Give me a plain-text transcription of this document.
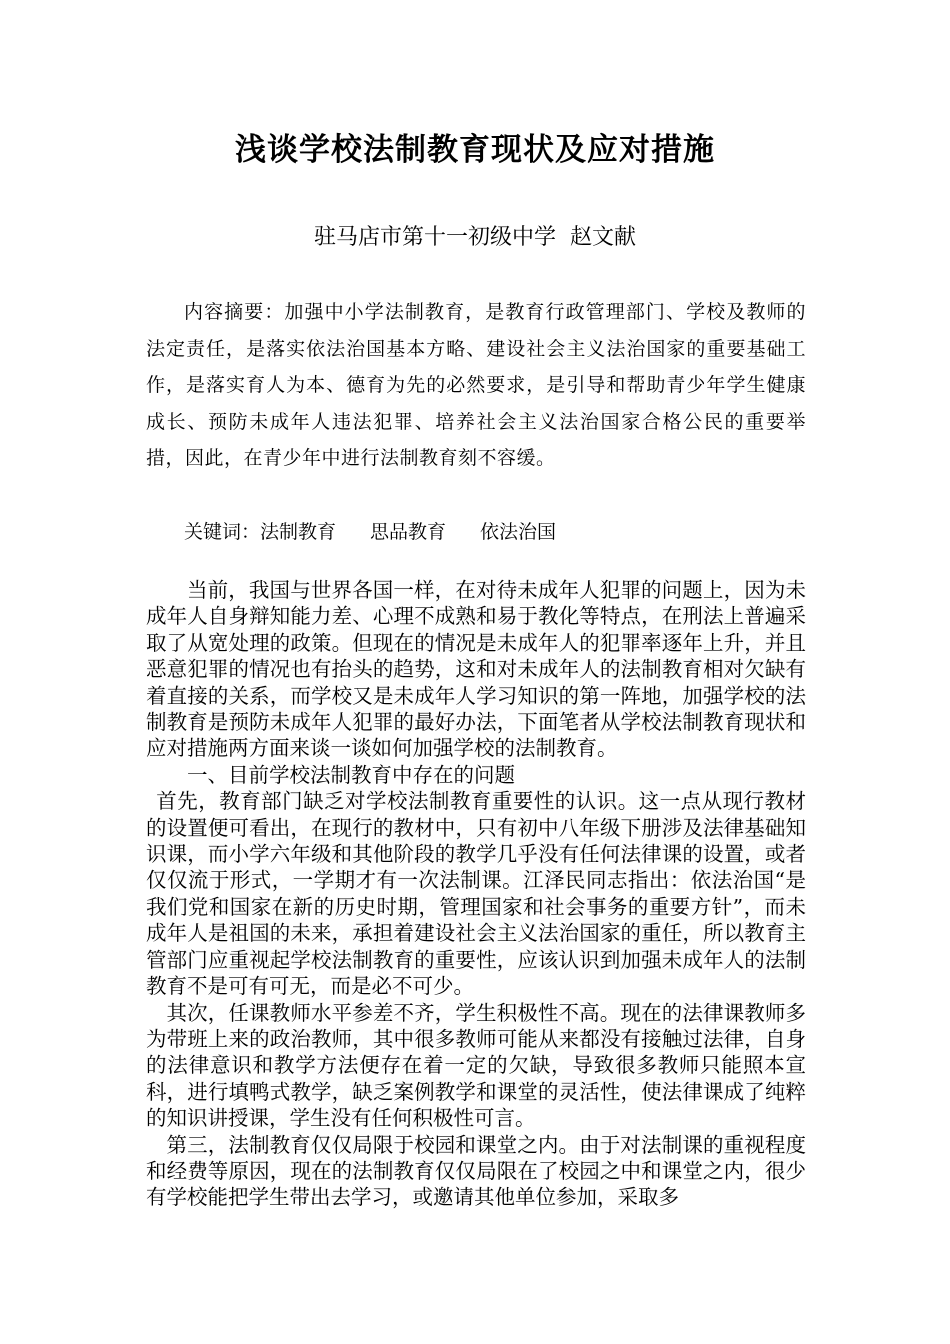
浅谈学校法制教育现状及应对措施
驻马店市第十一初级中学  赵文献

内容摘要：加强中小学法制教育，是教育行政管理部门、学校及教师的法定责任，是落实依法治国基本方略、建设社会主义法治国家的重要基础工作，是落实育人为本、德育为先的必然要求，是引导和帮助青少年学生健康成长、预防未成年人违法犯罪、培养社会主义法治国家合格公民的重要举措，因此，在青少年中进行法制教育刻不容缓。

关键词：法制教育 思品教育 依法治国

当前，我国与世界各国一样，在对待未成年人犯罪的问题上，因为未成年人自身辩知能力差、心理不成熟和易于教化等特点，在刑法上普遍采取了从宽处理的政策。但现在的情况是未成年人的犯罪率逐年上升，并且恶意犯罪的情况也有抬头的趋势，这和对未成年人的法制教育相对欠缺有着直接的关系，而学校又是未成年人学习知识的第一阵地，加强学校的法制教育是预防未成年人犯罪的最好办法，下面笔者从学校法制教育现状和应对措施两方面来谈一谈如何加强学校的法制教育。

一、目前学校法制教育中存在的问题

首先，教育部门缺乏对学校法制教育重要性的认识。这一点从现行教材的设置便可看出，在现行的教材中，只有初中八年级下册涉及法律基础知识课，而小学六年级和其他阶段的教学几乎没有任何法律课的设置，或者仅仅流于形式，一学期才有一次法制课。江泽民同志指出：依法治国“是我们党和国家在新的历史时期，管理国家和社会事务的重要方针”，而未成年人是祖国的未来，承担着建设社会主义法治国家的重任，所以教育主管部门应重视起学校法制教育的重要性，应该认识到加强未成年人的法制教育不是可有可无，而是必不可少。

其次，任课教师水平参差不齐，学生积极性不高。现在的法律课教师多为带班上来的政治教师，其中很多教师可能从来都没有接触过法律，自身的法律意识和教学方法便存在着一定的欠缺，导致很多教师只能照本宣科，进行填鸭式教学，缺乏案例教学和课堂的灵活性，使法律课成了纯粹的知识讲授课，学生没有任何积极性可言。

第三，法制教育仅仅局限于校园和课堂之内。由于对法制课的重视程度和经费等原因，现在的法制教育仅仅局限在了校园之中和课堂之内，很少有学校能把学生带出去学习，或邀请其他单位参加，采取多
